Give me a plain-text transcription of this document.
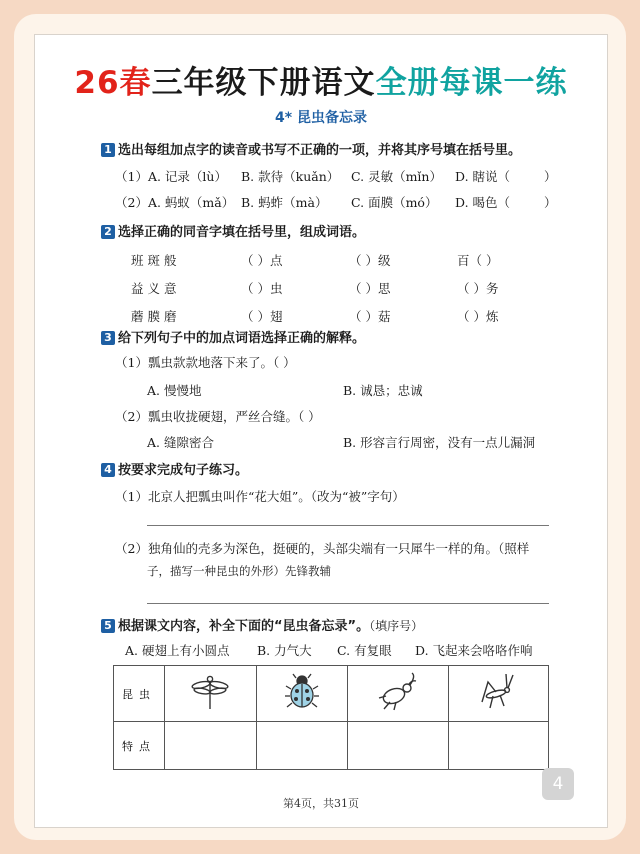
26春三年级下册语文全册每课一练
4* 昆虫备忘录
1 选出每组加点字的读音或书写不正确的一项，并将其序号填在括号里。
（1）A. 记录（lù） B. 款待（kuǎn） C. 灵敏（mǐn） D. 瞎说（	）
（2）A. 蚂蚁（mǎ） B. 蚂蚱（mà） C. 面膜（mó） D. 喝色（	）
2 选择正确的同音字填在括号里，组成词语。
班 斑 般	（ ）点	（ ）级	百（ ）
益 义 意	（ ）虫	（ ）思	（ ）务
蘑 膜 磨	（ ）翅	（ ）菇	（ ）炼
3 给下列句子中的加点词语选择正确的解释。
（1）瓢虫款款地落下来了。（ ）
A. 慢慢地	B. 诚恳；忠诚
（2）瓢虫收拢硬翅，严丝合缝。（ ）
A. 缝隙密合	B. 形容言行周密，没有一点儿漏洞
4 按要求完成句子练习。
（1）北京人把瓢虫叫作“花大姐”。（改为“被”字句）
（2）独角仙的壳多为深色，挺硬的，头部尖端有一只犀牛一样的角。（照样
子，描写一种昆虫的外形）先锋教辅
5 根据课文内容，补全下面的“昆虫备忘录”。（填序号）
A. 硬翅上有小圆点 B. 力气大 C. 有复眼 D. 飞起来会咯咯作响
昆虫				
特点				
第4页，共31页
4
